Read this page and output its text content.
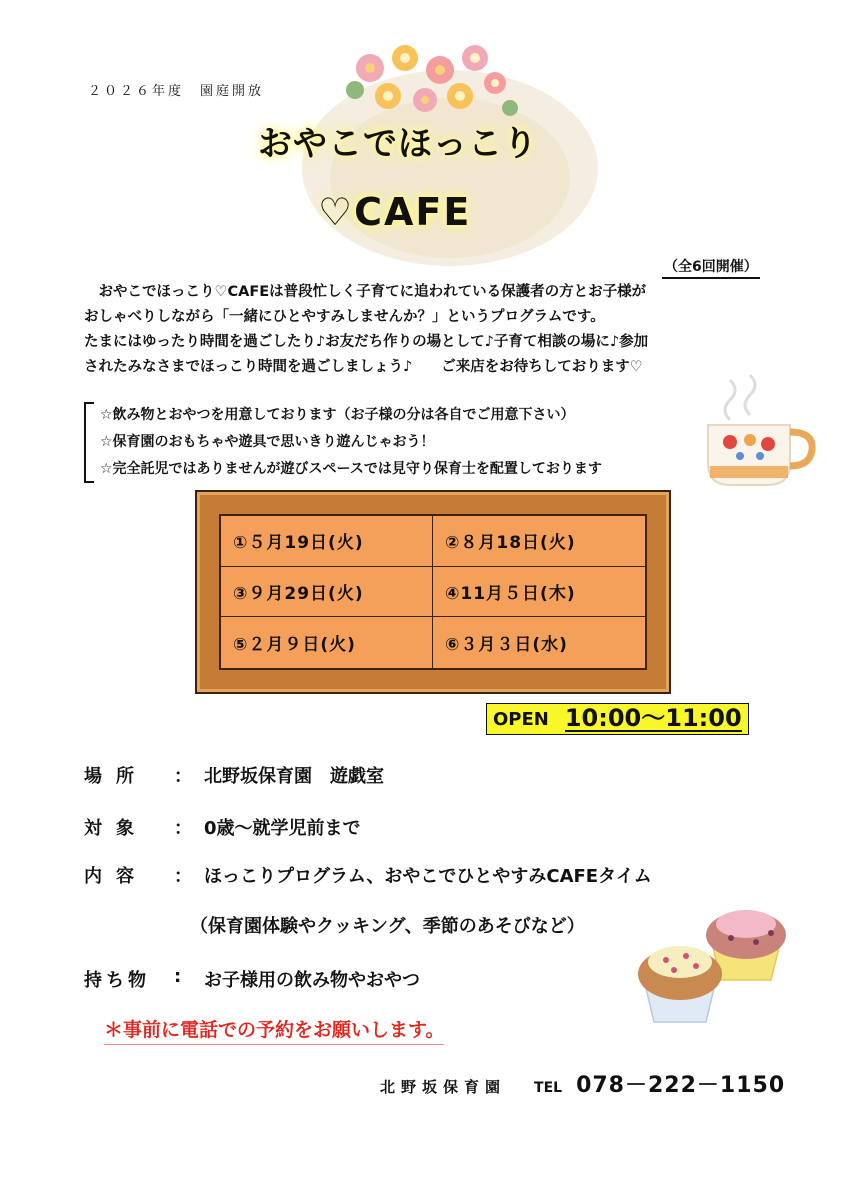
２０２６年度　園庭開放
おやこでほっこり
♡CAFE
（全6回開催）
　おやこでほっこり♡CAFEは普段忙しく子育てに追われている保護者の方とお子様が
おしゃべりしながら「一緒にひとやすみしませんか？」というプログラムです。
たまにはゆったり時間を過ごしたり♪お友だち作りの場として♪子育て相談の場に♪参加
されたみなさまでほっこり時間を過ごしましょう♪　　ご来店をお待ちしております♡
☆飲み物とおやつを用意しております（お子様の分は各自でご用意下さい）
☆保育園のおもちゃや遊具で思いきり遊んじゃおう！
☆完全託児ではありませんが遊びスペースでは見守り保育士を配置しております
①５月19日(火)	②８月18日(火)
③９月29日(火)	④11月５日(木)
⑤２月９日(火)	⑥３月３日(水)
OPEN 10:00～11:00
場所	： 北野坂保育園　遊戯室
対象	： 0歳～就学児前まで
内容	： ほっこりプログラム、おやこでひとやすみCAFEタイム
（保育園体験やクッキング、季節のあそびなど）
持ち物	:	お子様用の飲み物やおやつ
＊事前に電話での予約をお願いします。
北野坂保育園 TEL 078－222－1150
